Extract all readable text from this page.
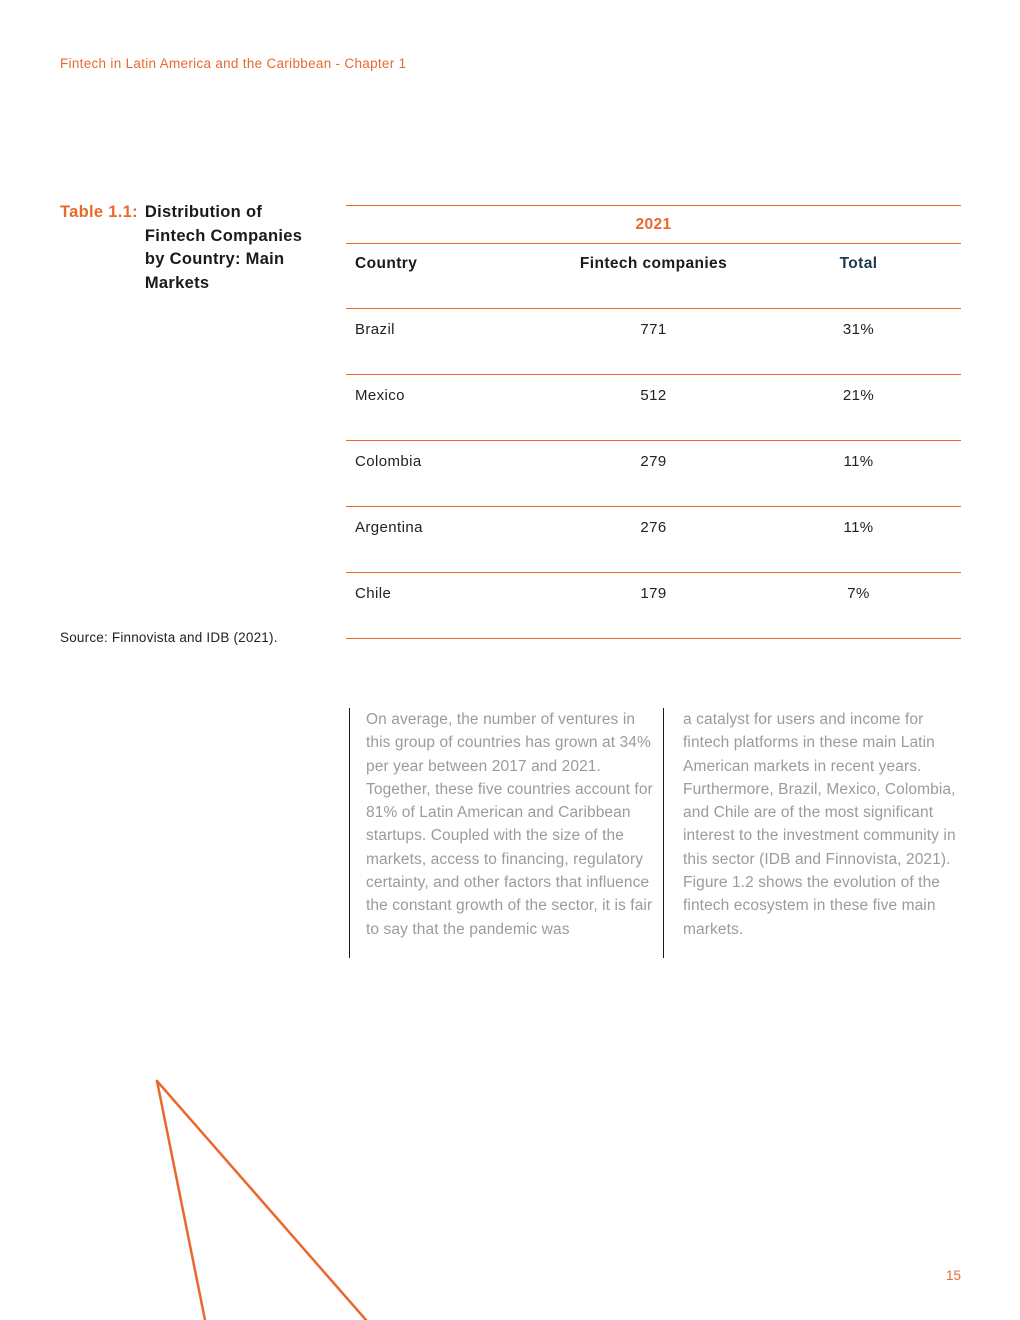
Fintech in Latin America and the Caribbean - Chapter 1
Table 1.1: Distribution of Fintech Companies by Country: Main Markets
2021		
Country	Fintech companies	Total
Brazil	771	31%
Mexico	512	21%
Colombia	279	11%
Argentina	276	11%
Chile	179	7%
Source: Finnovista and IDB (2021).
On average, the number of ventures in this group of countries has grown at 34% per year between 2017 and 2021. Together, these five countries account for 81% of Latin American and Caribbean startups. Coupled with the size of the markets, access to financing, regulatory certainty, and other factors that influence the constant growth of the sector, it is fair to say that the pandemic was
a catalyst for users and income for fintech platforms in these main Latin American markets in recent years. Furthermore, Brazil, Mexico, Colombia, and Chile are of the most significant interest to the investment community in this sector (IDB and Finnovista, 2021). Figure 1.2 shows the evolution of the fintech ecosystem in these five main markets.
15
